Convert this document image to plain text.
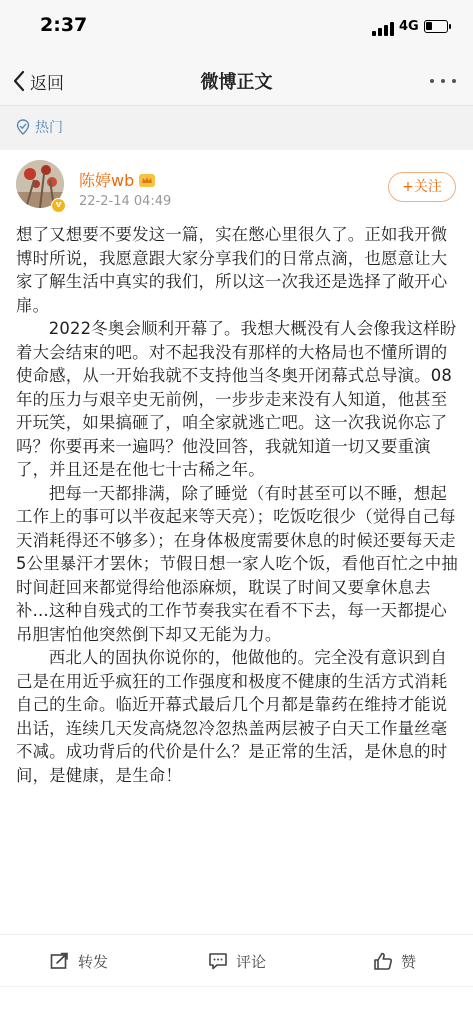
2:37	4G
微博正文
返回
热门
v
陈婷wb
22-2-14 04:49
+关注

想了又想要不要发这一篇，实在憋心里很久了。正如我开微博时所说，我愿意跟大家分享我们的日常点滴，也愿意让大家了解生活中真实的我们，所以这一次我还是选择了敞开心扉。

2022冬奥会顺利开幕了。我想大概没有人会像我这样盼着大会结束的吧。对不起我没有那样的大格局也不懂所谓的使命感，从一开始我就不支持他当冬奥开闭幕式总导演。08年的压力与艰辛史无前例，一步步走来没有人知道，他甚至开玩笑，如果搞砸了，咱全家就逃亡吧。这一次我说你忘了吗？你要再来一遍吗？他没回答，我就知道一切又要重演了，并且还是在他七十古稀之年。

把每一天都排满，除了睡觉（有时甚至可以不睡，想起工作上的事可以半夜起来等天亮）；吃饭吃很少（觉得自己每天消耗得还不够多）；在身体极度需要休息的时候还要每天走5公里暴汗才罢休；节假日想一家人吃个饭，看他百忙之中抽时间赶回来都觉得给他添麻烦，耽误了时间又要拿休息去补...这种自残式的工作节奏我实在看不下去，每一天都提心吊胆害怕他突然倒下却又无能为力。

西北人的固执你说你的，他做他的。完全没有意识到自己是在用近乎疯狂的工作强度和极度不健康的生活方式消耗自己的生命。临近开幕式最后几个月都是靠药在维持才能说出话，连续几天发高烧忽冷忽热盖两层被子白天工作量丝毫不减。成功背后的代价是什么？是正常的生活，是休息的时间，是健康，是生命！

转发	评论	赞
